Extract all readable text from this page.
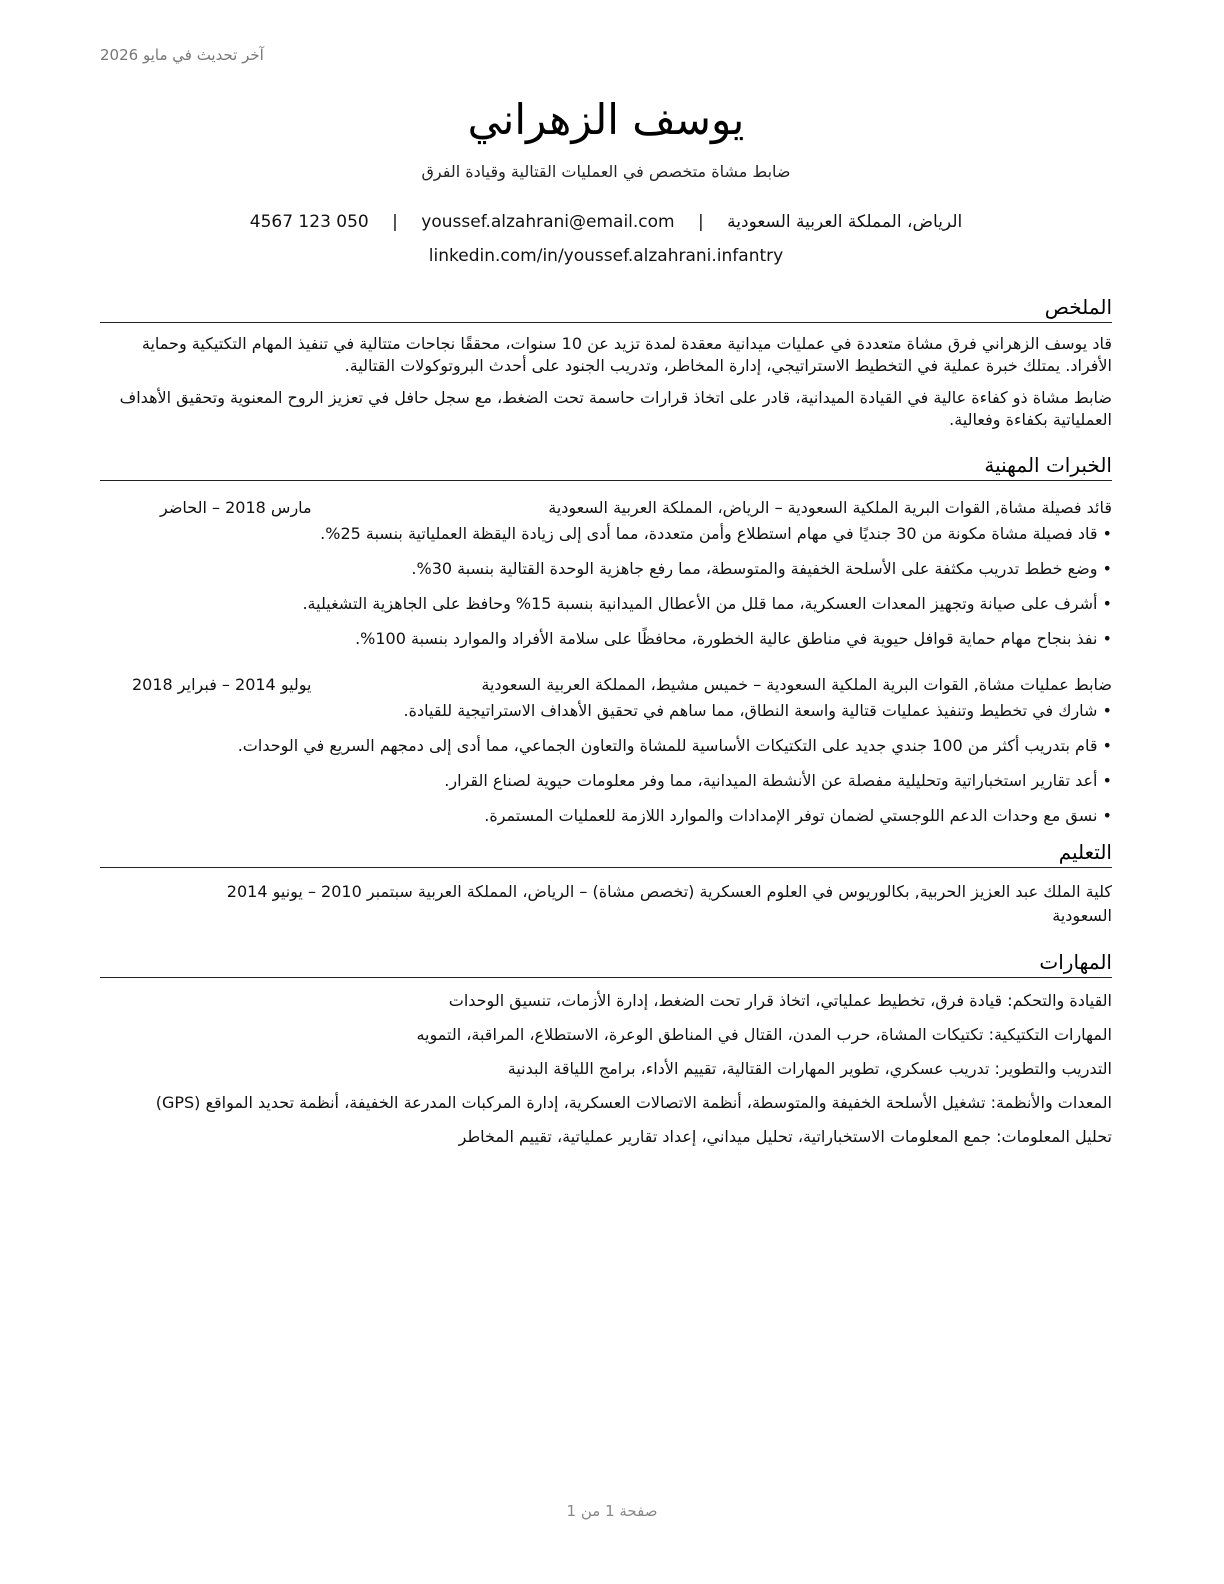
آخر تحديث في مايو 2026
يوسف الزهراني
ضابط مشاة متخصص في العمليات القتالية وقيادة الفرق
الرياض، المملكة العربية السعودية | youssef.alzahrani@email.com | 4567 123 050
linkedin.com/in/youssef.alzahrani.infantry
الملخص

قاد يوسف الزهراني فرق مشاة متعددة في عمليات ميدانية معقدة لمدة تزيد عن 10 سنوات، محققًا نجاحات متتالية في تنفيذ المهام التكتيكية وحماية الأفراد. يمتلك خبرة عملية في التخطيط الاستراتيجي، إدارة المخاطر، وتدريب الجنود على أحدث البروتوكولات القتالية.

ضابط مشاة ذو كفاءة عالية في القيادة الميدانية، قادر على اتخاذ قرارات حاسمة تحت الضغط، مع سجل حافل في تعزيز الروح المعنوية وتحقيق الأهداف العملياتية بكفاءة وفعالية.

الخبرات المهنية
قائد فصيلة مشاة, القوات البرية الملكية السعودية – الرياض، المملكة العربية السعودية
مارس 2018 – الحاضر
• قاد فصيلة مشاة مكونة من 30 جنديًا في مهام استطلاع وأمن متعددة، مما أدى إلى زيادة اليقظة العملياتية بنسبة 25%.
• وضع خطط تدريب مكثفة على الأسلحة الخفيفة والمتوسطة، مما رفع جاهزية الوحدة القتالية بنسبة 30%.
• أشرف على صيانة وتجهيز المعدات العسكرية، مما قلل من الأعطال الميدانية بنسبة 15% وحافظ على الجاهزية التشغيلية.
• نفذ بنجاح مهام حماية قوافل حيوية في مناطق عالية الخطورة، محافظًا على سلامة الأفراد والموارد بنسبة 100%.
ضابط عمليات مشاة, القوات البرية الملكية السعودية – خميس مشيط، المملكة العربية السعودية
يوليو 2014 – فبراير 2018
• شارك في تخطيط وتنفيذ عمليات قتالية واسعة النطاق، مما ساهم في تحقيق الأهداف الاستراتيجية للقيادة.
• قام بتدريب أكثر من 100 جندي جديد على التكتيكات الأساسية للمشاة والتعاون الجماعي، مما أدى إلى دمجهم السريع في الوحدات.
• أعد تقارير استخباراتية وتحليلية مفصلة عن الأنشطة الميدانية، مما وفر معلومات حيوية لصناع القرار.
• نسق مع وحدات الدعم اللوجستي لضمان توفر الإمدادات والموارد اللازمة للعمليات المستمرة.
التعليم
كلية الملك عبد العزيز الحربية, بكالوريوس في العلوم العسكرية (تخصص مشاة) – الرياض، المملكة العربية سبتمبر 2010 – يونيو 2014
السعودية
المهارات
القيادة والتحكم: قيادة فرق، تخطيط عملياتي، اتخاذ قرار تحت الضغط، إدارة الأزمات، تنسيق الوحدات
المهارات التكتيكية: تكتيكات المشاة، حرب المدن، القتال في المناطق الوعرة، الاستطلاع، المراقبة، التمويه
التدريب والتطوير: تدريب عسكري، تطوير المهارات القتالية، تقييم الأداء، برامج اللياقة البدنية
المعدات والأنظمة: تشغيل الأسلحة الخفيفة والمتوسطة، أنظمة الاتصالات العسكرية، إدارة المركبات المدرعة الخفيفة، أنظمة تحديد المواقع (GPS)
تحليل المعلومات: جمع المعلومات الاستخباراتية، تحليل ميداني، إعداد تقارير عملياتية، تقييم المخاطر
صفحة 1 من 1
